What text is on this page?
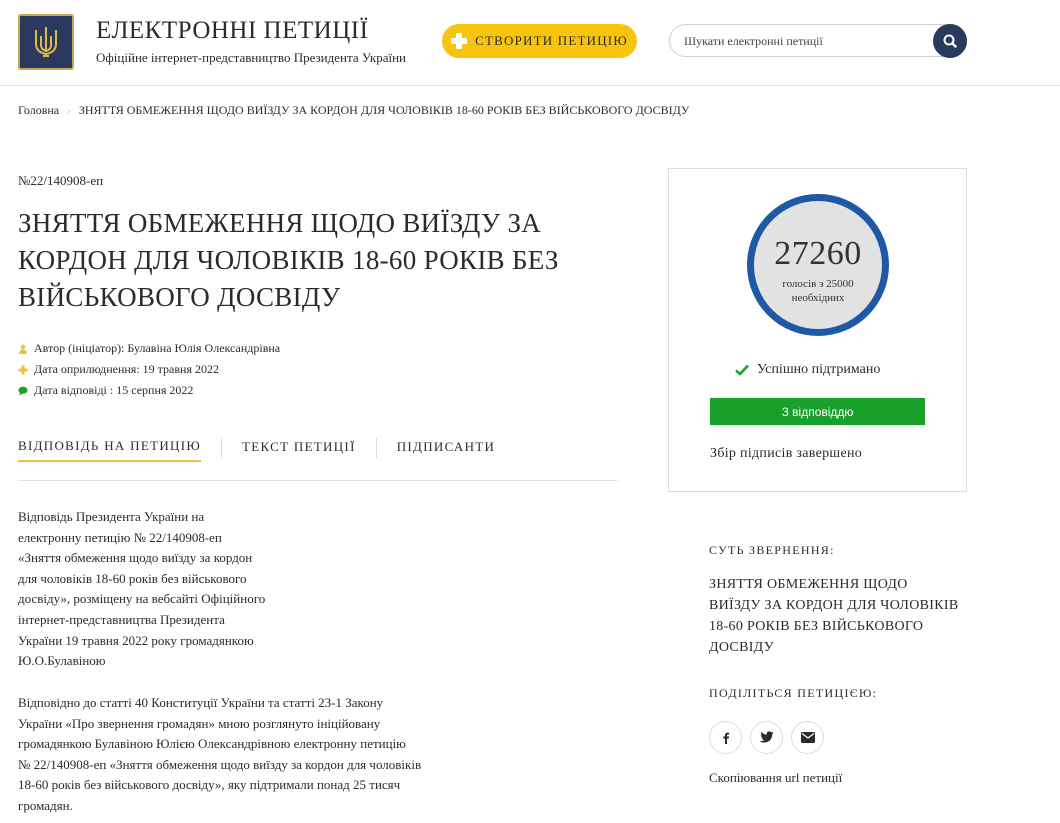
ЕЛЕКТРОННІ ПЕТИЦІЇ
Офіційне інтернет-представництво Президента України
СТВОРИТИ ПЕТИЦІЮ
Шукати електронні петиції
Головна › ЗНЯТТЯ ОБМЕЖЕННЯ ЩОДО ВИЇЗДУ ЗА КОРДОН ДЛЯ ЧОЛОВІКІВ 18-60 РОКІВ БЕЗ ВІЙСЬКОВОГО ДОСВІДУ
№22/140908-еп
ЗНЯТТЯ ОБМЕЖЕННЯ ЩОДО ВИЇЗДУ ЗА КОРДОН ДЛЯ ЧОЛОВІКІВ 18-60 РОКІВ БЕЗ ВІЙСЬКОВОГО ДОСВІДУ
Автор (ініціатор): Булавіна Юлія Олександрівна
Дата оприлюднення: 19 травня 2022
Дата відповіді : 15 серпня 2022
ВІДПОВІДЬ НА ПЕТИЦІЮ	ТЕКСТ ПЕТИЦІЇ	ПІДПИСАНТИ
Відповідь Президента України на
електронну петицію № 22/140908-еп
«Зняття обмеження щодо виїзду за кордон
для чоловіків 18-60 років без військового
досвіду», розміщену на вебсайті Офіційного
інтернет-представництва Президента
України 19 травня 2022 року громадянкою
Ю.О.Булавіною
Відповідно до статті 40 Конституції України та статті 23-1 Закону
України «Про звернення громадян» мною розглянуто ініційовану
громадянкою Булавіною Юлією Олександрівною електронну петицію
№ 22/140908-еп «Зняття обмеження щодо виїзду за кордон для чоловіків
18-60 років без військового досвіду», яку підтримали понад 25 тисяч
громадян.
27260
голосів з 25000 необхідних
Успішно підтримано
З відповіддю
Збір підписів завершено
СУТЬ ЗВЕРНЕННЯ:
ЗНЯТТЯ ОБМЕЖЕННЯ ЩОДО ВИЇЗДУ ЗА КОРДОН ДЛЯ ЧОЛОВІКІВ 18-60 РОКІВ БЕЗ ВІЙСЬКОВОГО ДОСВІДУ
ПОДІЛІТЬСЯ ПЕТИЦІЄЮ:
Скопіювання url петиції
